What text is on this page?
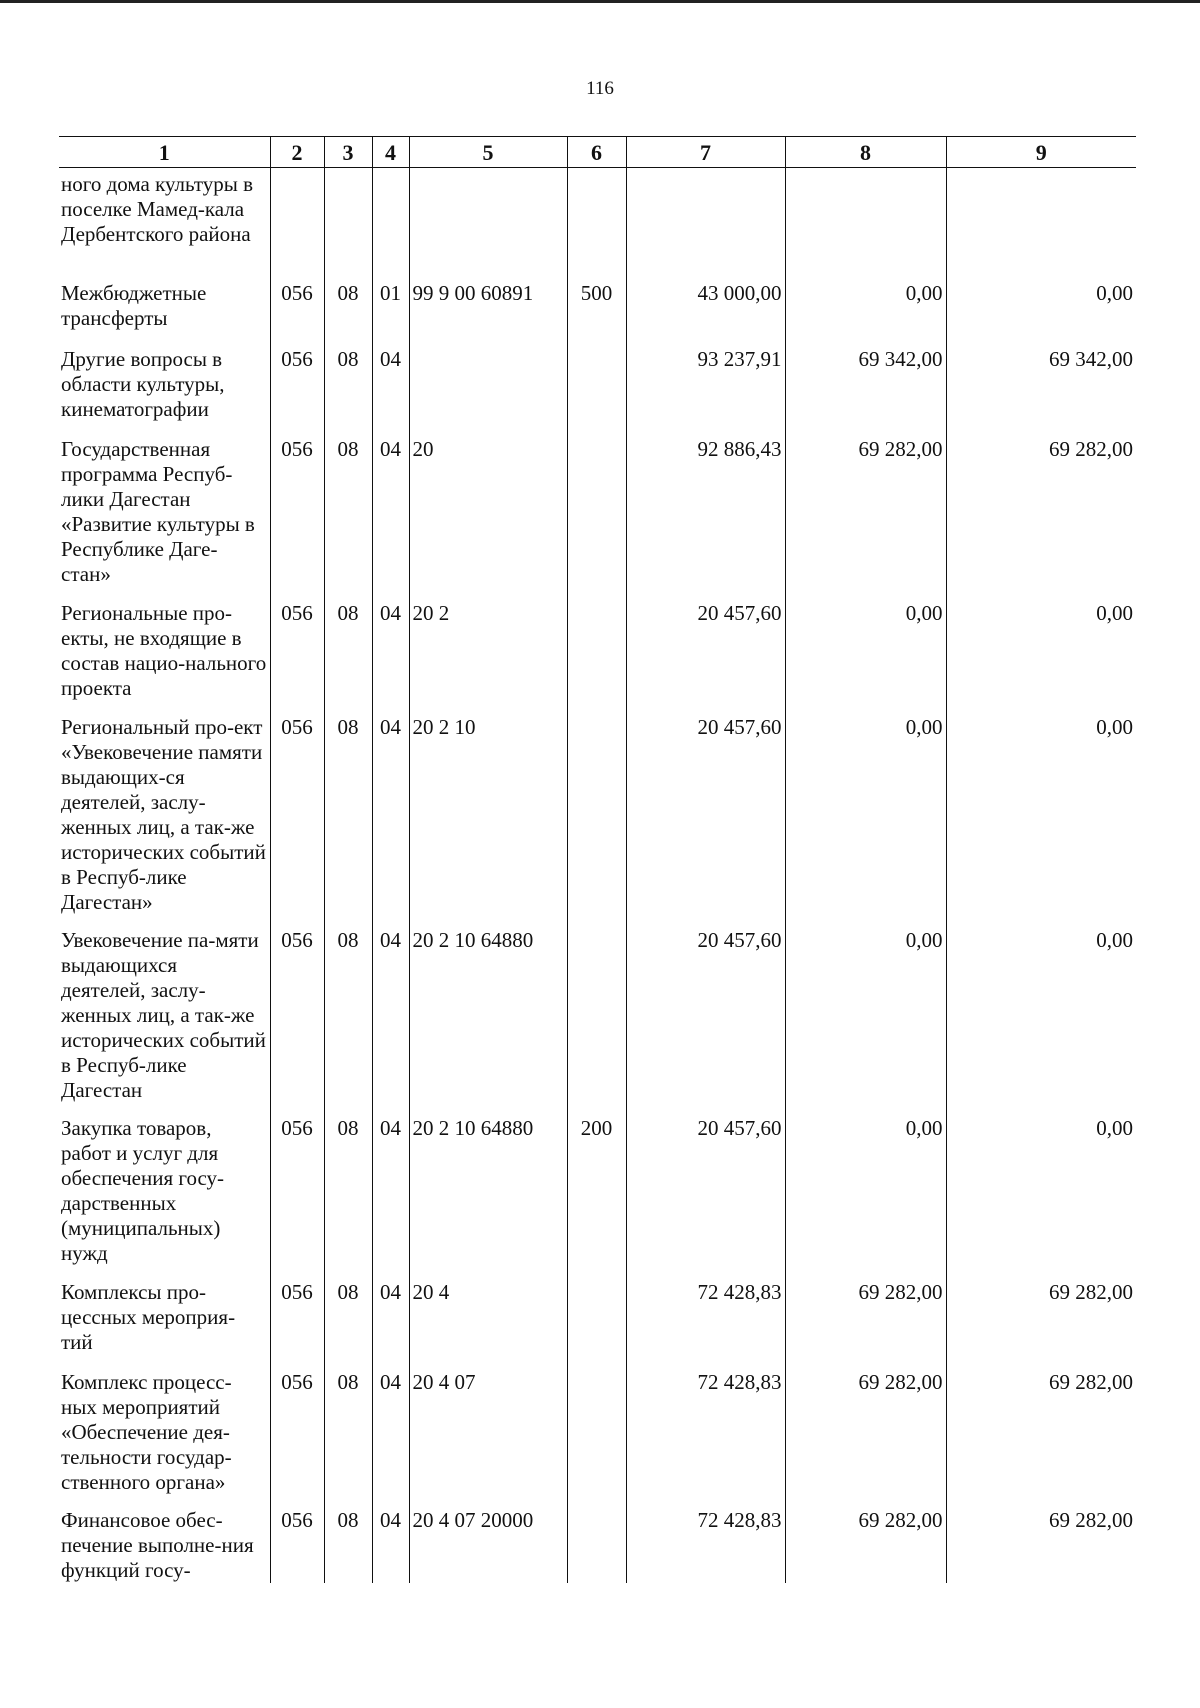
116
1	2	3	4	5	6	7	8	9
ного дома культуры в поселке Мамед-кала Дербентского района								
Межбюджетные трансферты	056	08	01	99 9 00 60891	500	43 000,00	0,00	0,00
Другие вопросы в области культуры, кинематографии	056	08	04			93 237,91	69 342,00	69 342,00
Государственная программа Респуб-лики Дагестан «Развитие культуры в Республике Даге-стан»	056	08	04	20		92 886,43	69 282,00	69 282,00
Региональные про-екты, не входящие в состав нацио-нального проекта	056	08	04	20 2		20 457,60	0,00	0,00
Региональный про-ект «Увековечение памяти выдающих-ся деятелей, заслу-женных лиц, а так-же исторических событий в Респуб-лике Дагестан»	056	08	04	20 2 10		20 457,60	0,00	0,00
Увековечение па-мяти выдающихся деятелей, заслу-женных лиц, а так-же исторических событий в Респуб-лике Дагестан	056	08	04	20 2 10 64880		20 457,60	0,00	0,00
Закупка товаров, работ и услуг для обеспечения госу-дарственных (муниципальных) нужд	056	08	04	20 2 10 64880	200	20 457,60	0,00	0,00
Комплексы про-цессных мероприя-тий	056	08	04	20 4		72 428,83	69 282,00	69 282,00
Комплекс процесс-ных мероприятий «Обеспечение дея-тельности государ-ственного органа»	056	08	04	20 4 07		72 428,83	69 282,00	69 282,00
Финансовое обес-печение выполне-ния функций госу-	056	08	04	20 4 07 20000		72 428,83	69 282,00	69 282,00
